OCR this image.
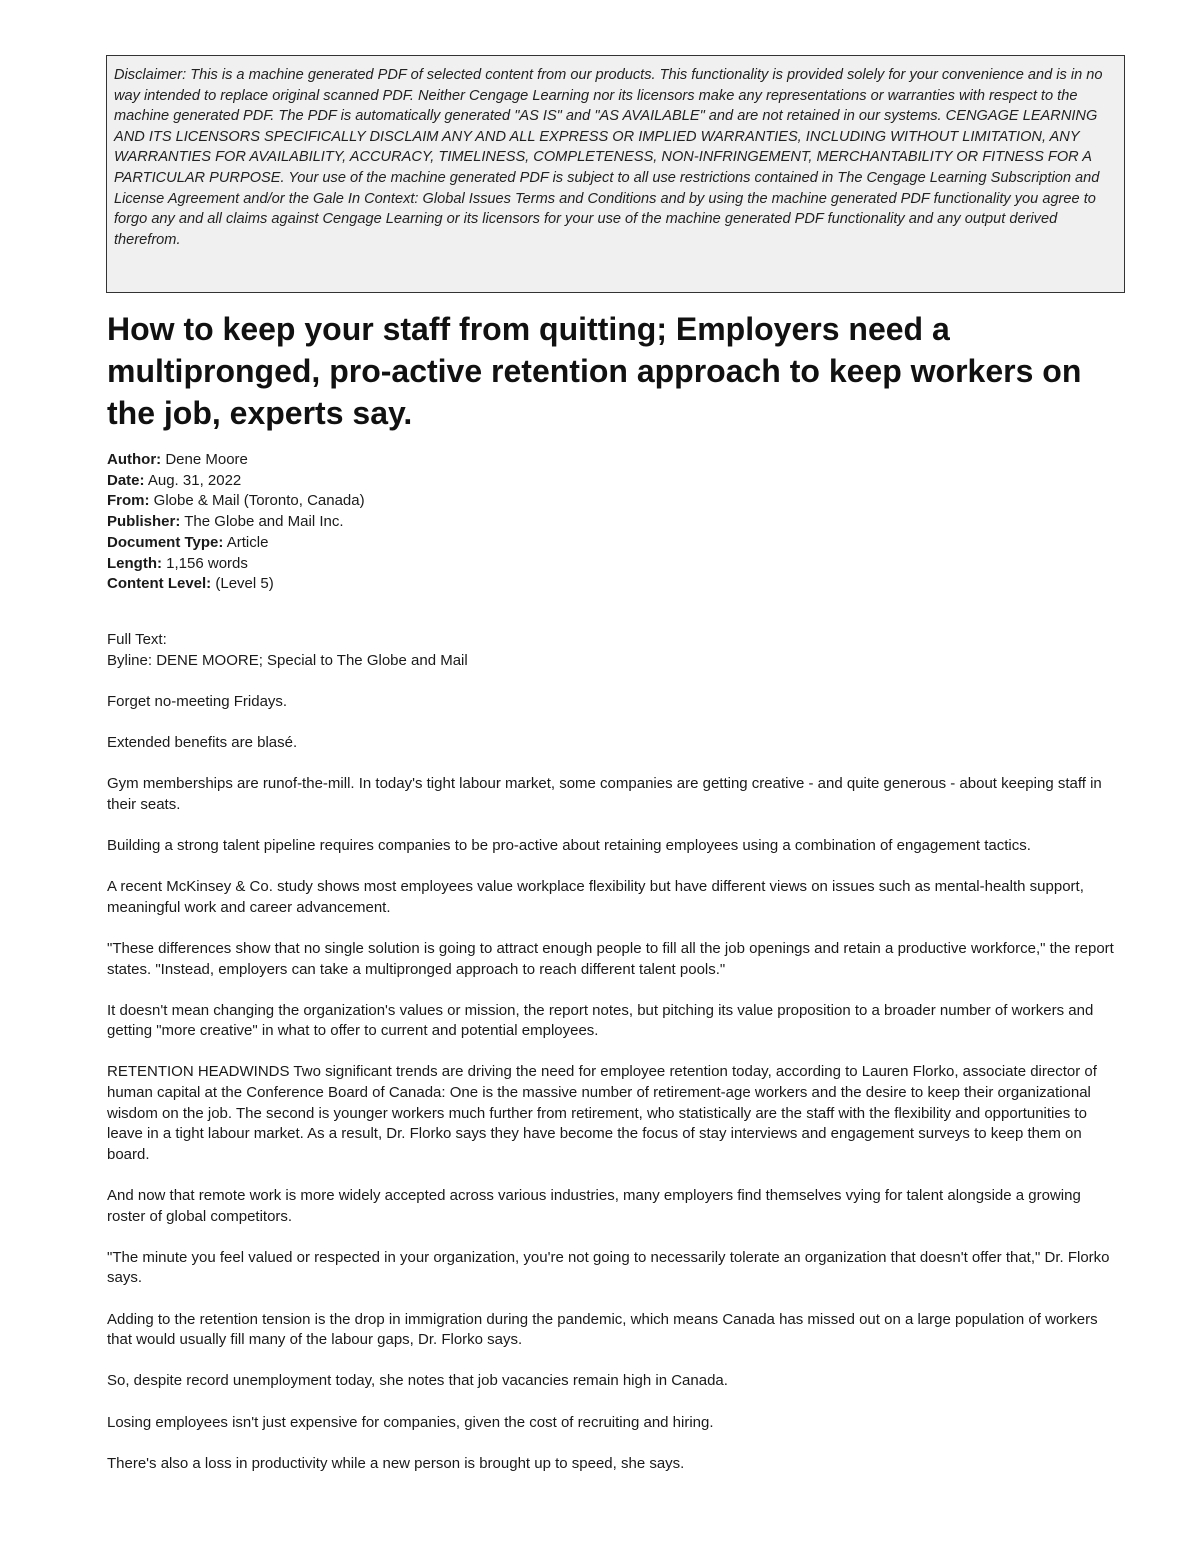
Disclaimer: This is a machine generated PDF of selected content from our products. This functionality is provided solely for your convenience and is in no way intended to replace original scanned PDF. Neither Cengage Learning nor its licensors make any representations or warranties with respect to the machine generated PDF. The PDF is automatically generated "AS IS" and "AS AVAILABLE" and are not retained in our systems. CENGAGE LEARNING AND ITS LICENSORS SPECIFICALLY DISCLAIM ANY AND ALL EXPRESS OR IMPLIED WARRANTIES, INCLUDING WITHOUT LIMITATION, ANY WARRANTIES FOR AVAILABILITY, ACCURACY, TIMELINESS, COMPLETENESS, NON-INFRINGEMENT, MERCHANTABILITY OR FITNESS FOR A PARTICULAR PURPOSE. Your use of the machine generated PDF is subject to all use restrictions contained in The Cengage Learning Subscription and License Agreement and/or the Gale In Context: Global Issues Terms and Conditions and by using the machine generated PDF functionality you agree to forgo any and all claims against Cengage Learning or its licensors for your use of the machine generated PDF functionality and any output derived therefrom.
How to keep your staff from quitting; Employers need a multipronged, pro-active retention approach to keep workers on the job, experts say.
Author: Dene Moore
Date: Aug. 31, 2022
From: Globe & Mail (Toronto, Canada)
Publisher: The Globe and Mail Inc.
Document Type: Article
Length: 1,156 words
Content Level: (Level 5)
Full Text:

Byline: DENE MOORE; Special to The Globe and Mail

Forget no-meeting Fridays.

Extended benefits are blasé.

Gym memberships are runof-the-mill. In today's tight labour market, some companies are getting creative - and quite generous - about keeping staff in their seats.

Building a strong talent pipeline requires companies to be pro-active about retaining employees using a combination of engagement tactics.

A recent McKinsey & Co. study shows most employees value workplace flexibility but have different views on issues such as mental-health support, meaningful work and career advancement.

"These differences show that no single solution is going to attract enough people to fill all the job openings and retain a productive workforce," the report states. "Instead, employers can take a multipronged approach to reach different talent pools."

It doesn't mean changing the organization's values or mission, the report notes, but pitching its value proposition to a broader number of workers and getting "more creative" in what to offer to current and potential employees.

RETENTION HEADWINDS Two significant trends are driving the need for employee retention today, according to Lauren Florko, associate director of human capital at the Conference Board of Canada: One is the massive number of retirement-age workers and the desire to keep their organizational wisdom on the job. The second is younger workers much further from retirement, who statistically are the staff with the flexibility and opportunities to leave in a tight labour market. As a result, Dr. Florko says they have become the focus of stay interviews and engagement surveys to keep them on board.

And now that remote work is more widely accepted across various industries, many employers find themselves vying for talent alongside a growing roster of global competitors.

"The minute you feel valued or respected in your organization, you're not going to necessarily tolerate an organization that doesn't offer that," Dr. Florko says.

Adding to the retention tension is the drop in immigration during the pandemic, which means Canada has missed out on a large population of workers that would usually fill many of the labour gaps, Dr. Florko says.

So, despite record unemployment today, she notes that job vacancies remain high in Canada.

Losing employees isn't just expensive for companies, given the cost of recruiting and hiring.

There's also a loss in productivity while a new person is brought up to speed, she says.
